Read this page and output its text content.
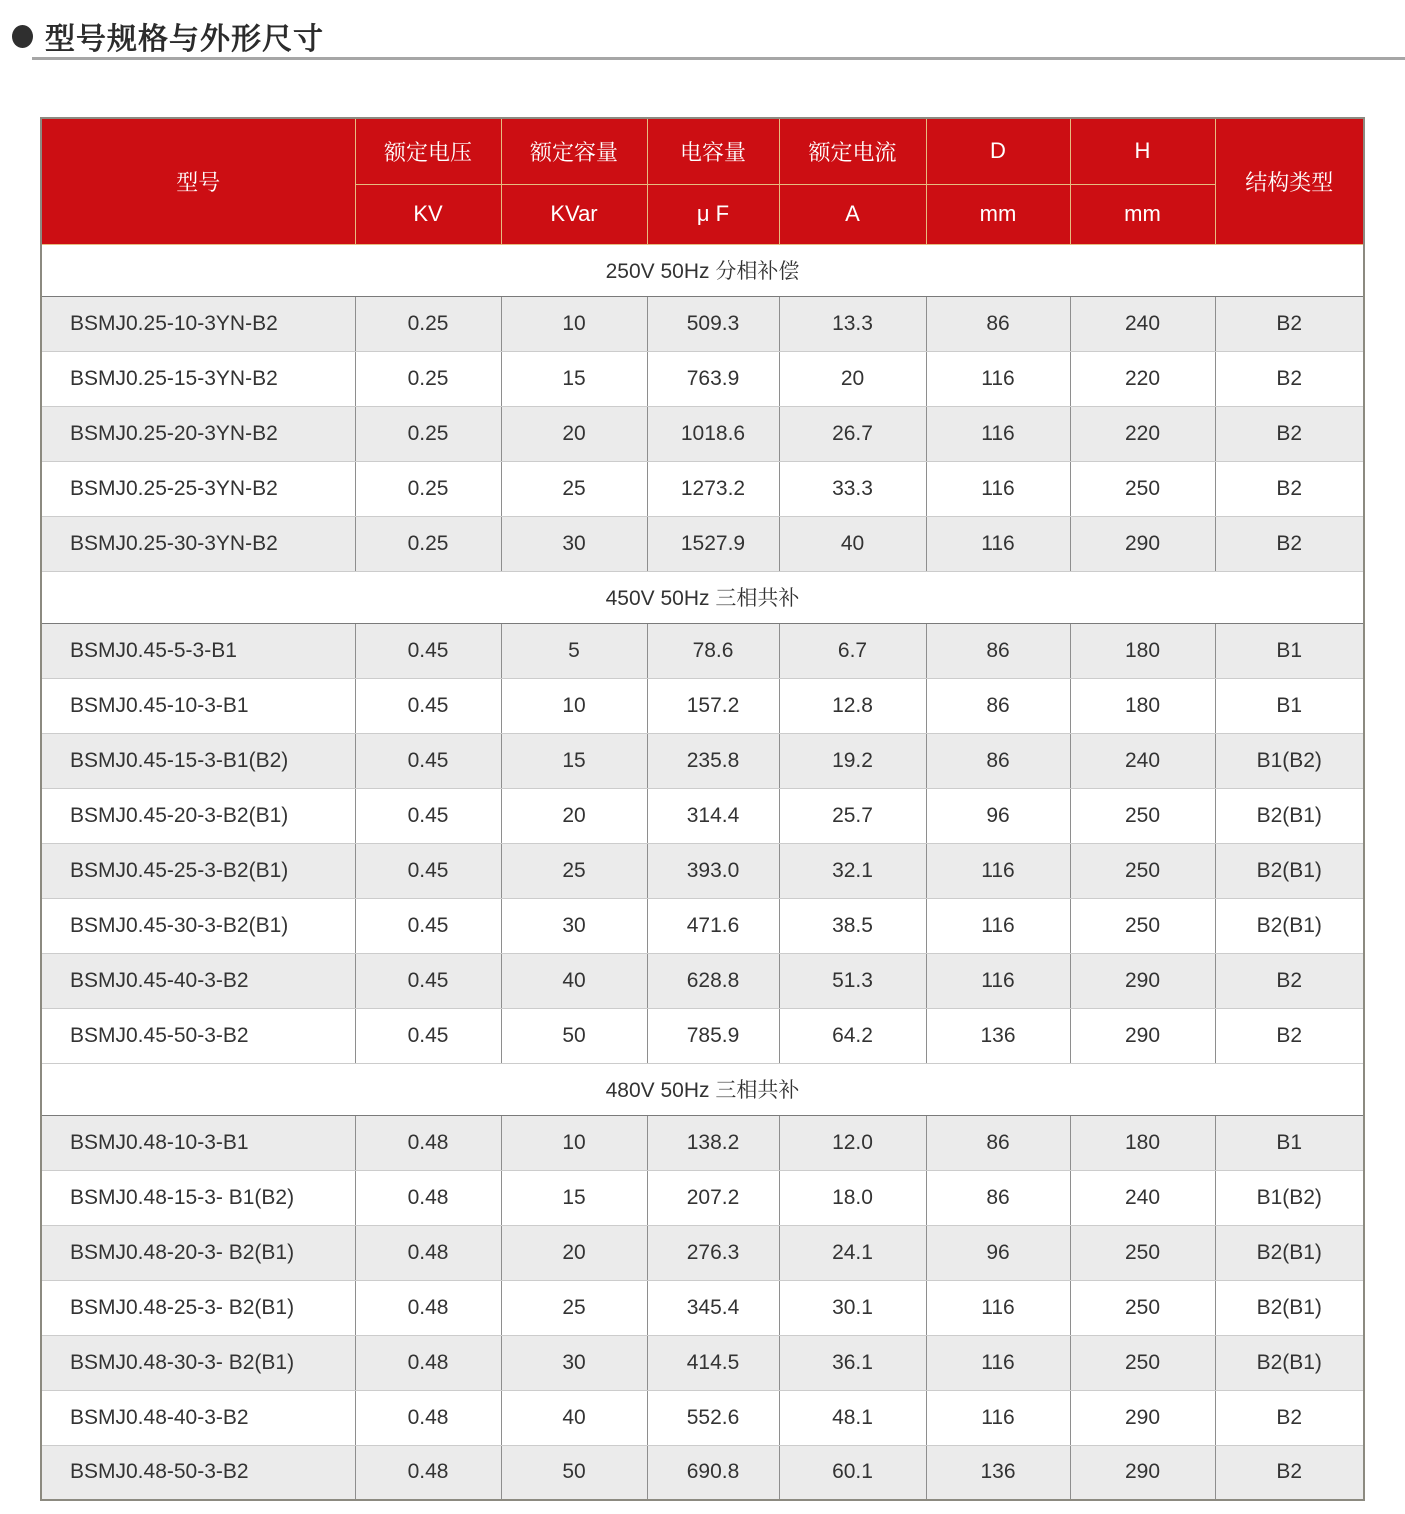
型号规格与外形尺寸
型号	额定电压	额定容量	电容量	额定电流	D	H	结构类型
	KV	KVar	μ F	A	mm	mm	
250V 50Hz 分相补偿							
BSMJ0.25-10-3YN-B2	0.25	10	509.3	13.3	86	240	B2
BSMJ0.25-15-3YN-B2	0.25	15	763.9	20	116	220	B2
BSMJ0.25-20-3YN-B2	0.25	20	1018.6	26.7	116	220	B2
BSMJ0.25-25-3YN-B2	0.25	25	1273.2	33.3	116	250	B2
BSMJ0.25-30-3YN-B2	0.25	30	1527.9	40	116	290	B2
450V 50Hz 三相共补							
BSMJ0.45-5-3-B1	0.45	5	78.6	6.7	86	180	B1
BSMJ0.45-10-3-B1	0.45	10	157.2	12.8	86	180	B1
BSMJ0.45-15-3-B1(B2)	0.45	15	235.8	19.2	86	240	B1(B2)
BSMJ0.45-20-3-B2(B1)	0.45	20	314.4	25.7	96	250	B2(B1)
BSMJ0.45-25-3-B2(B1)	0.45	25	393.0	32.1	116	250	B2(B1)
BSMJ0.45-30-3-B2(B1)	0.45	30	471.6	38.5	116	250	B2(B1)
BSMJ0.45-40-3-B2	0.45	40	628.8	51.3	116	290	B2
BSMJ0.45-50-3-B2	0.45	50	785.9	64.2	136	290	B2
480V 50Hz 三相共补							
BSMJ0.48-10-3-B1	0.48	10	138.2	12.0	86	180	B1
BSMJ0.48-15-3- B1(B2)	0.48	15	207.2	18.0	86	240	B1(B2)
BSMJ0.48-20-3- B2(B1)	0.48	20	276.3	24.1	96	250	B2(B1)
BSMJ0.48-25-3- B2(B1)	0.48	25	345.4	30.1	116	250	B2(B1)
BSMJ0.48-30-3- B2(B1)	0.48	30	414.5	36.1	116	250	B2(B1)
BSMJ0.48-40-3-B2	0.48	40	552.6	48.1	116	290	B2
BSMJ0.48-50-3-B2	0.48	50	690.8	60.1	136	290	B2
